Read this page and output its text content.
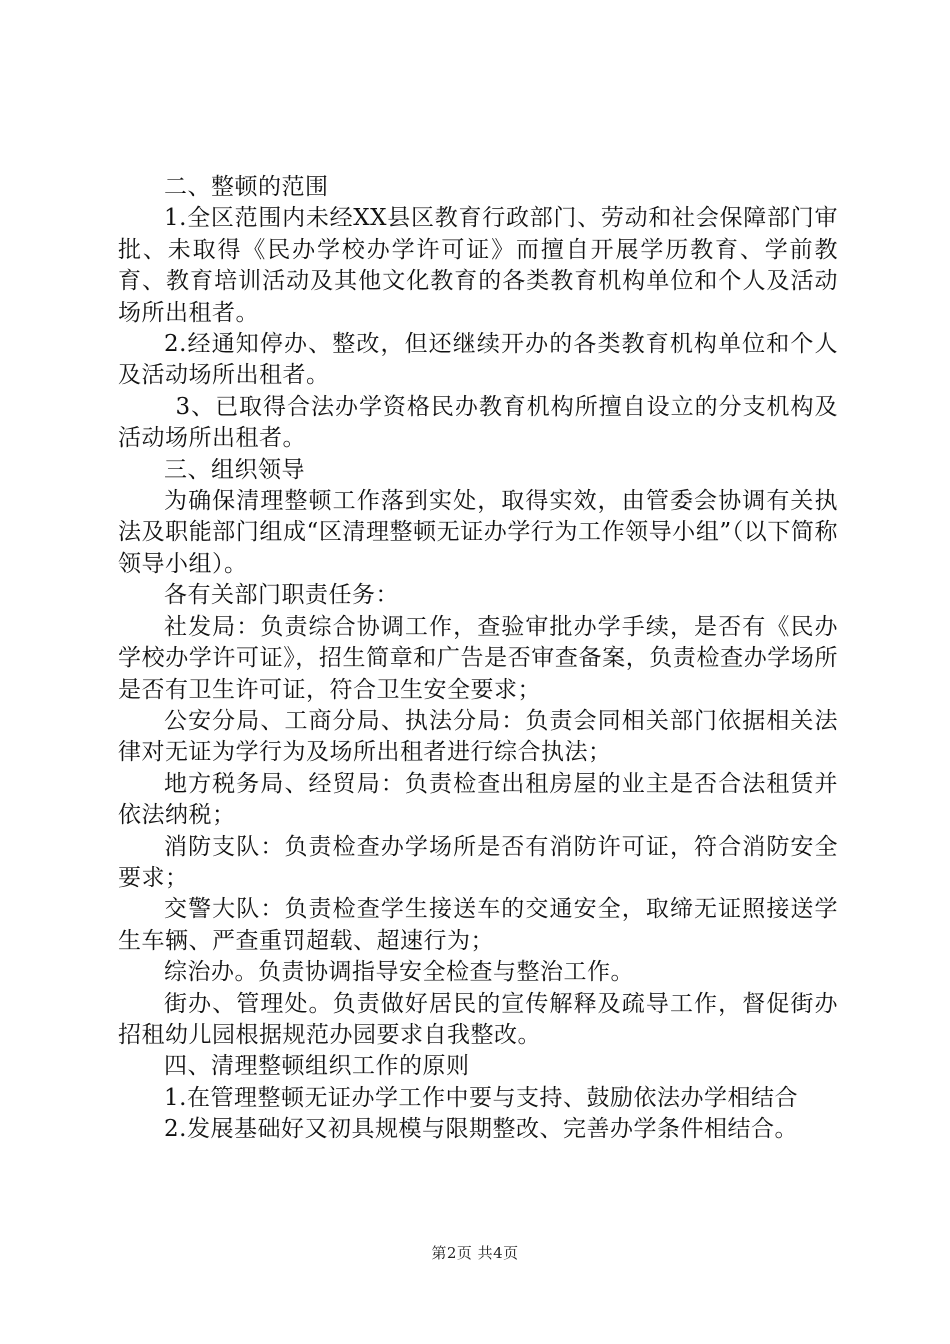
二、整顿的范围

1.全区范围内未经XX县区教育行政部门、劳动和社会保障部门审批、未取得《民办学校办学许可证》而擅自开展学历教育、学前教育、教育培训活动及其他文化教育的各类教育机构单位和个人及活动场所出租者。

2.经通知停办、整改，但还继续开办的各类教育机构单位和个人及活动场所出租者。

3、已取得合法办学资格民办教育机构所擅自设立的分支机构及活动场所出租者。

三、组织领导

为确保清理整顿工作落到实处，取得实效，由管委会协调有关执法及职能部门组成“区清理整顿无证办学行为工作领导小组”（以下简称领导小组）。

各有关部门职责任务：

社发局：负责综合协调工作，查验审批办学手续，是否有《民办学校办学许可证》，招生简章和广告是否审查备案，负责检查办学场所是否有卫生许可证，符合卫生安全要求；

公安分局、工商分局、执法分局：负责会同相关部门依据相关法律对无证为学行为及场所出租者进行综合执法；

地方税务局、经贸局：负责检查出租房屋的业主是否合法租赁并依法纳税；

消防支队：负责检查办学场所是否有消防许可证，符合消防安全要求；

交警大队：负责检查学生接送车的交通安全，取缔无证照接送学生车辆、严查重罚超载、超速行为；

综治办。负责协调指导安全检查与整治工作。

街办、管理处。负责做好居民的宣传解释及疏导工作，督促街办招租幼儿园根据规范办园要求自我整改。

四、清理整顿组织工作的原则

1.在管理整顿无证办学工作中要与支持、鼓励依法办学相结合

2.发展基础好又初具规模与限期整改、完善办学条件相结合。

第2页 共4页
